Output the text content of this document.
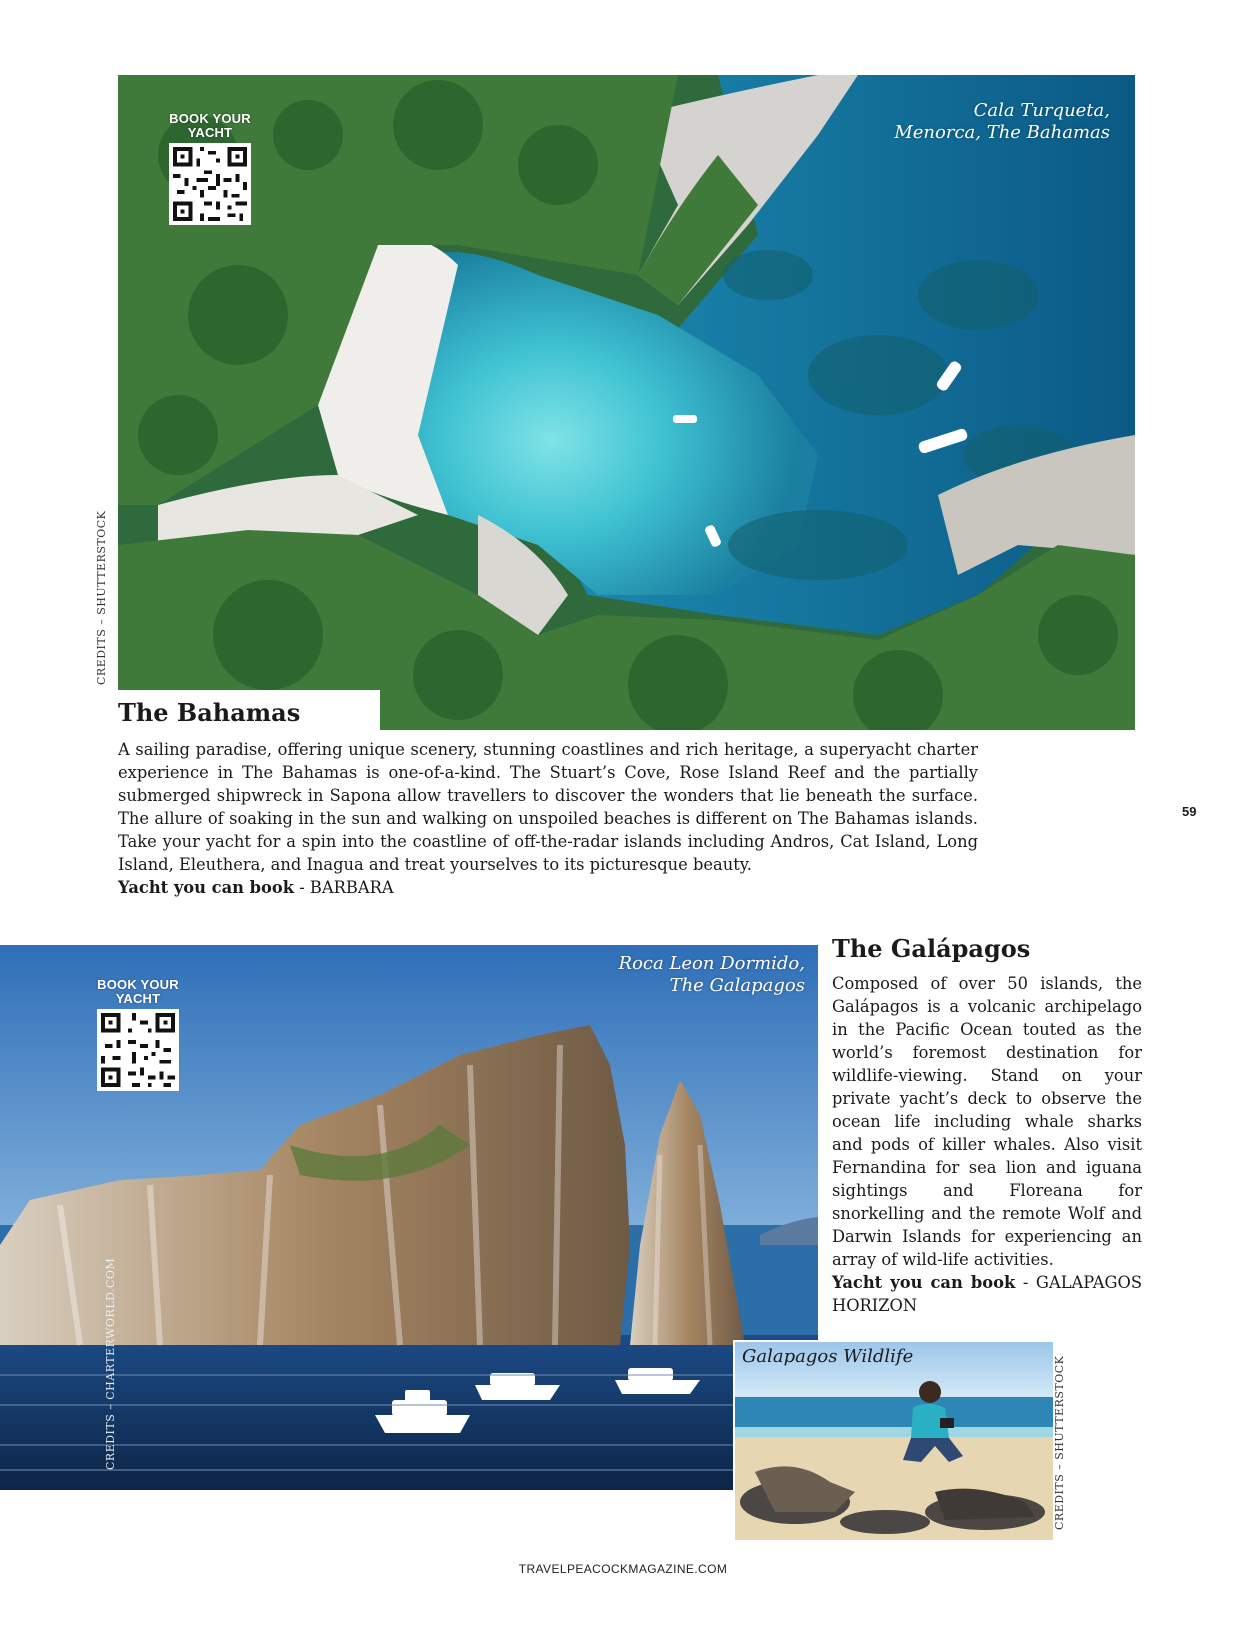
Cala Turqueta,
Menorca, The Bahamas
BOOK YOUR
YACHT
CREDITS – SHUTTERSTOCK
The Bahamas
A sailing paradise, offering unique scenery, stunning coastlines and rich heritage, a superyacht charter experience in The Bahamas is one-of-a-kind. The Stuart’s Cove, Rose Island Reef and the partially submerged shipwreck in Sapona allow travellers to discover the wonders that lie beneath the surface. The allure of soaking in the sun and walking on unspoiled beaches is different on The Bahamas islands. Take your yacht for a spin into the coastline of off-the-radar islands including Andros, Cat Island, Long Island, Eleuthera, and Inagua and treat yourselves to its picturesque beauty.
Yacht you can book - BARBARA
59
Roca Leon Dormido,
The Galapagos
BOOK YOUR
YACHT
CREDITS – CHARTERWORLD.COM
The Galápagos
Composed of over 50 islands, the Galápagos is a volcanic archipelago in the Pacific Ocean touted as the world’s foremost destination for wildlife-viewing. Stand on your private yacht’s deck to observe the ocean life including whale sharks and pods of killer whales. Also visit Fernandina for sea lion and iguana sightings and Floreana for snorkelling and the remote Wolf and Darwin Islands for experiencing an array of wild-life activities.
Yacht you can book - GALAPAGOS HORIZON
Galapagos Wildlife	CREDITS – SHUTTERSTOCK
TRAVELPEACOCKMAGAZINE.COM
